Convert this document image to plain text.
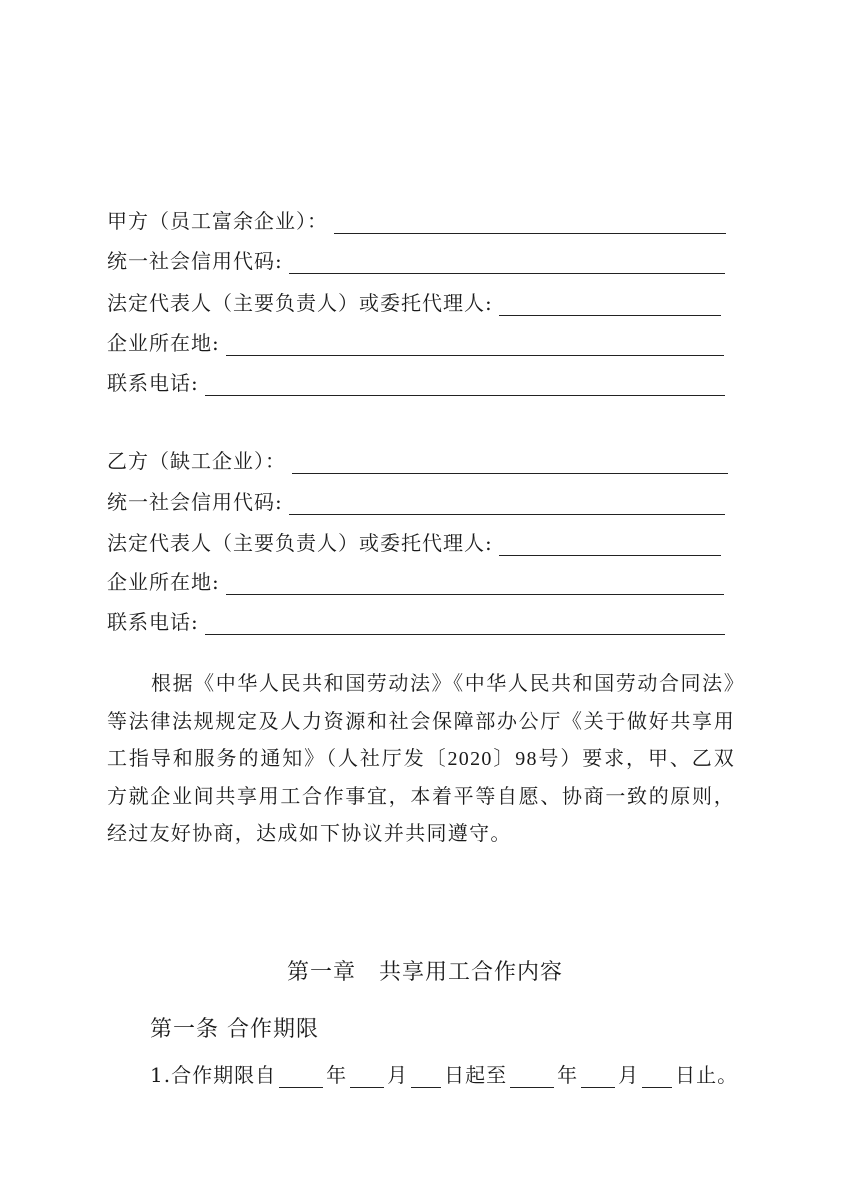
甲方（员工富余企业）：
统一社会信用代码:
法定代表人（主要负责人）或委托代理人:
企业所在地:
联系电话:
乙方（缺工企业）：
统一社会信用代码:
法定代表人（主要负责人）或委托代理人:
企业所在地:
联系电话:

根据《中华人民共和国劳动法》《中华人民共和国劳动合同法》等法律法规规定及人力资源和社会保障部办公厅《关于做好共享用工指导和服务的通知》（人社厅发〔2020〕98号）要求，甲、乙双方就企业间共享用工合作事宜，本着平等自愿、协商一致的原则，经过友好协商，达成如下协议并共同遵守。

第一章　共享用工合作内容
第一条 合作期限
1.合作期限自	年 月 日起至	年 月 日止。
